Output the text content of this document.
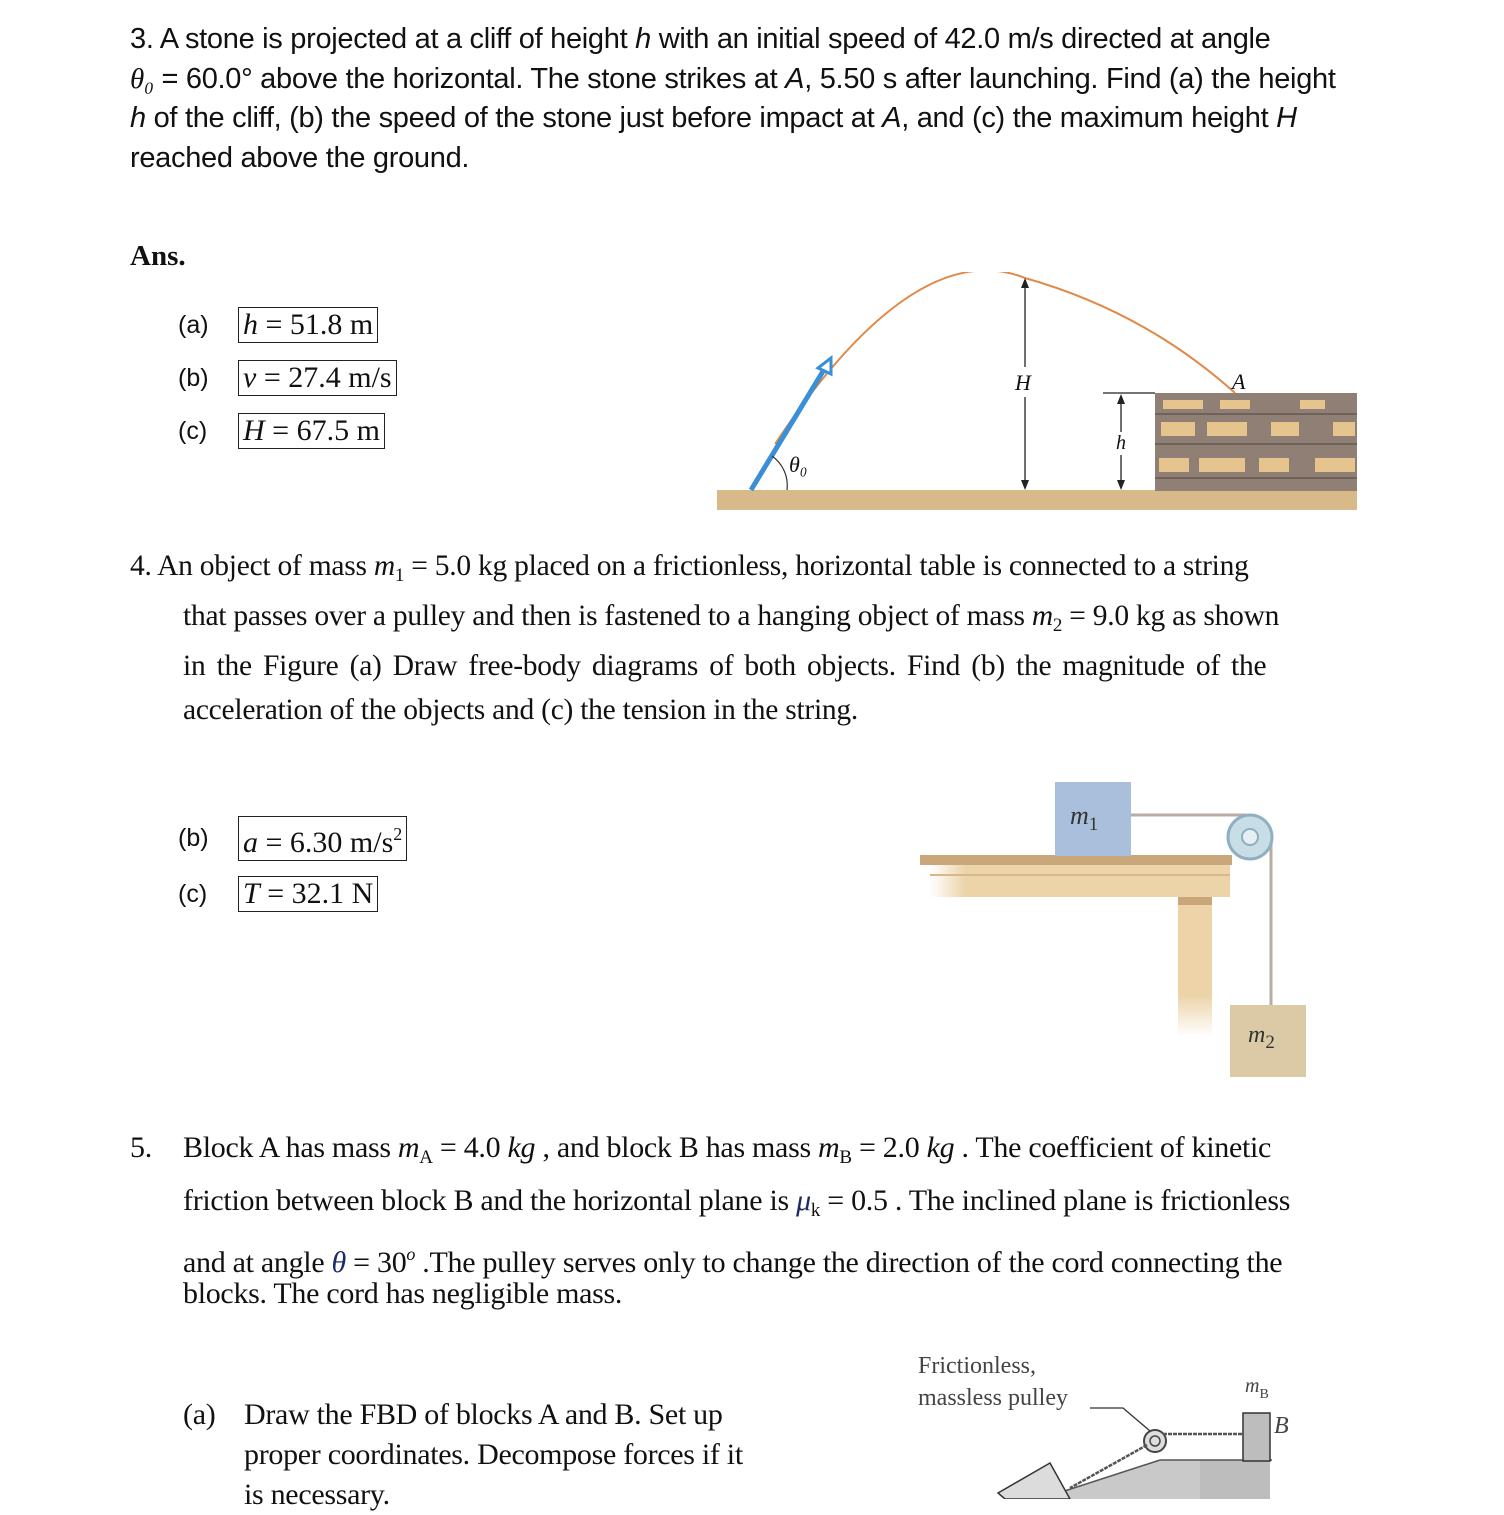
3. A stone is projected at a cliff of height h with an initial speed of 42.0 m/s directed at angle
θ₀ = 60.0° above the horizontal. The stone strikes at A, 5.50 s after launching. Find (a) the height
h of the cliff, (b) the speed of the stone just before impact at A, and (c) the maximum height H
reached above the ground.
Ans.
(a)	h = 51.8 m
(b)	v = 27.4 m/s
(c)	H = 67.5 m
θ₀
H
h
A
4. An object of mass $m_1 = 5.0$ kg placed on a frictionless, horizontal table is connected to a string
that passes over a pulley and then is fastened to a hanging object of mass $m_2 = 9.0$ kg as shown
in the Figure (a) Draw free-body diagrams of both objects. Find (b) the magnitude of the
acceleration of the objects and (c) the tension in the string.
(b)	a = 6.30 $m/s^2$
(c)	T = 32.1 N
$m_1$
$m_2$
5. Block A has mass $m_A = 4.0$ kg , and block B has mass $m_B = 2.0$ kg . The coefficient of kinetic
friction between block B and the horizontal plane is $\mu_k = 0.5$ . The inclined plane is frictionless
and at angle $\theta = 30^o$ .The pulley serves only to change the direction of the cord connecting the
blocks. The cord has negligible mass.
(a) Draw the FBD of blocks A and B. Set up
proper coordinates. Decompose forces if it
is necessary.
Frictionless,
massless pulley	$m_B$
B
